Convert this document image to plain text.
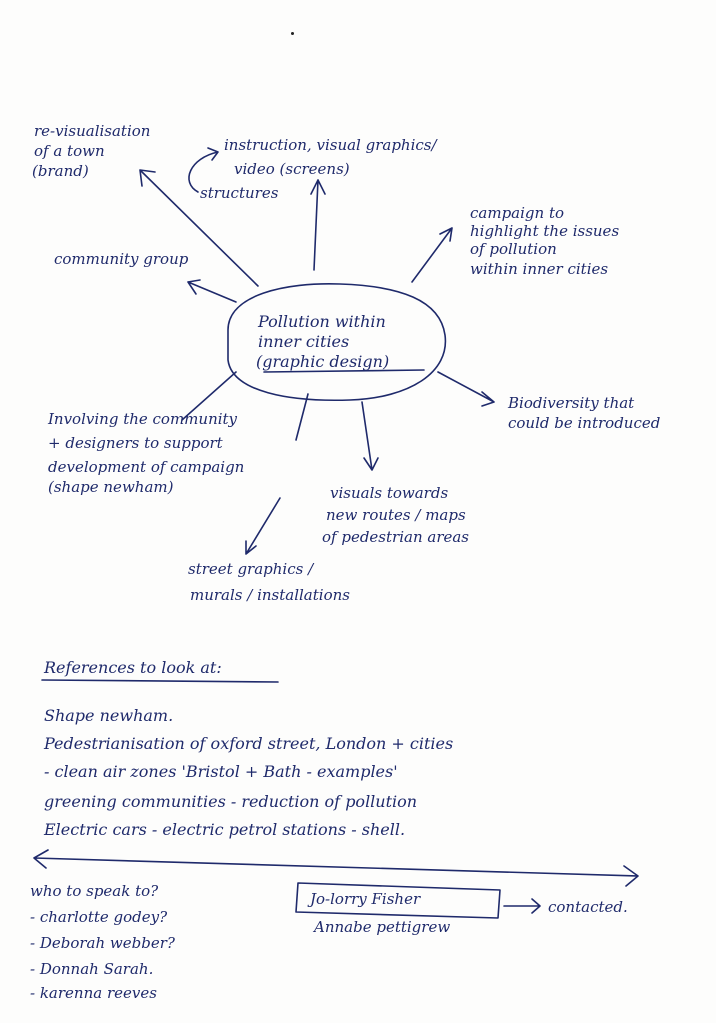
Pollution within
inner cities
(graphic design)
re-visualisation
of a town
(brand)
instruction, visual graphics/
video (screens)
structures
campaign to
highlight the issues
of pollution
within inner cities
community group
Biodiversity that
could be introduced
Involving the community
+ designers to support
development of campaign
(shape newham)	visuals towards
new routes / maps
of pedestrian areas
street graphics /
murals / installations
References to look at:
Shape newham.
Pedestrianisation of oxford street, London + cities
- clean air zones 'Bristol + Bath - examples'
greening communities - reduction of pollution
Electric cars - electric petrol stations - shell.
who to speak to?
- charlotte godey?
- Deborah webber?
- Donnah Sarah.
- karenna reeves
Jo-lorry Fisher	contacted.
Annabe pettigrew
